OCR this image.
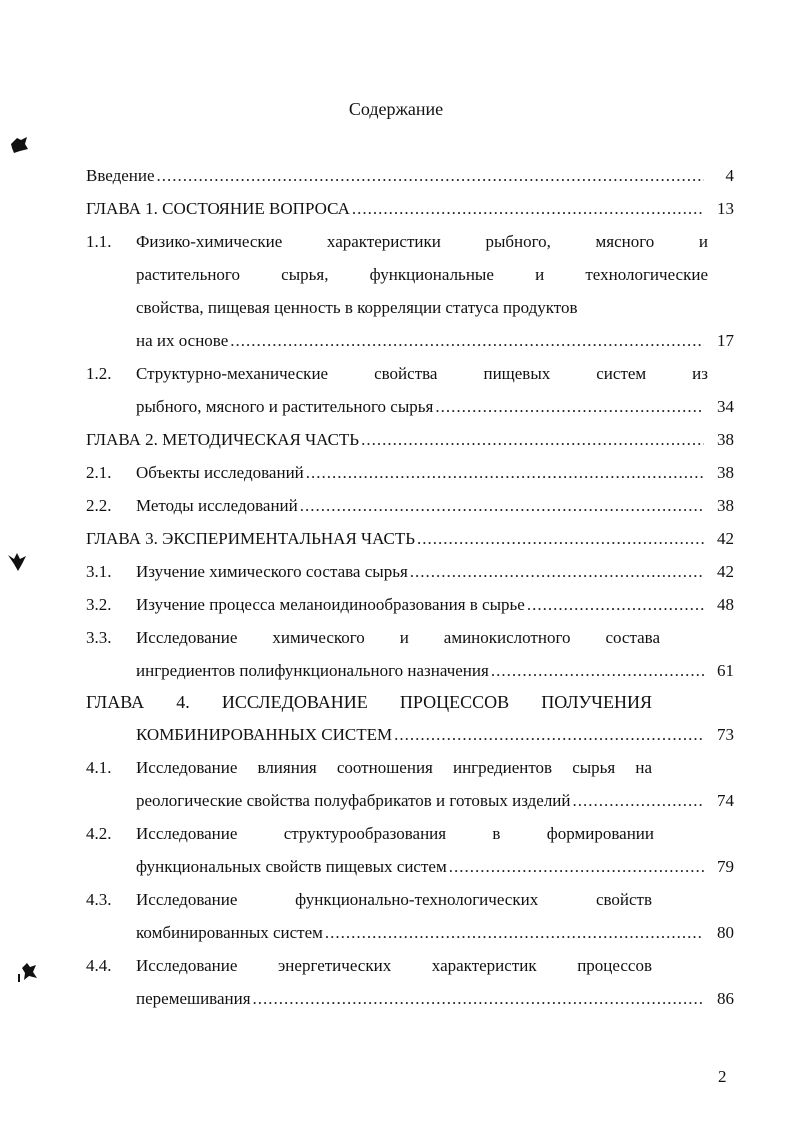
Содержание
Введение .....	4
ГЛАВА 1. СОСТОЯНИЕ ВОПРОСА .....	13
1.1.	Физико-химические характеристики рыбного, мясного и
растительного сырья, функциональные и технологические
свойства, пищевая ценность в корреляции статуса продуктов
на их основе .....	17
1.2.	Структурно-механические свойства пищевых систем из
рыбного, мясного и растительного сырья .....	34
ГЛАВА 2. МЕТОДИЧЕСКАЯ ЧАСТЬ .....	38
2.1.	Объекты исследований .....	38
2.2.	Методы исследований .....	38
ГЛАВА 3. ЭКСПЕРИМЕНТАЛЬНАЯ ЧАСТЬ .....	42
3.1.	Изучение химического состава сырья .....	42
3.2.	Изучение процесса меланоидинообразования в сырье .....	48
3.3.	Исследование химического и аминокислотного состава
ингредиентов полифункционального назначения .....	61
ГЛАВА 4. ИССЛЕДОВАНИЕ ПРОЦЕССОВ ПОЛУЧЕНИЯ
КОМБИНИРОВАННЫХ СИСТЕМ .....	73
4.1.	Исследование влияния соотношения ингредиентов сырья на
реологические свойства полуфабрикатов и готовых изделий .....	74
4.2.	Исследование структурообразования в формировании
функциональных свойств пищевых систем .....	79
4.3.	Исследование функционально-технологических свойств
комбинированных систем .....	80
4.4.	Исследование энергетических характеристик процессов
перемешивания .....	86
2
